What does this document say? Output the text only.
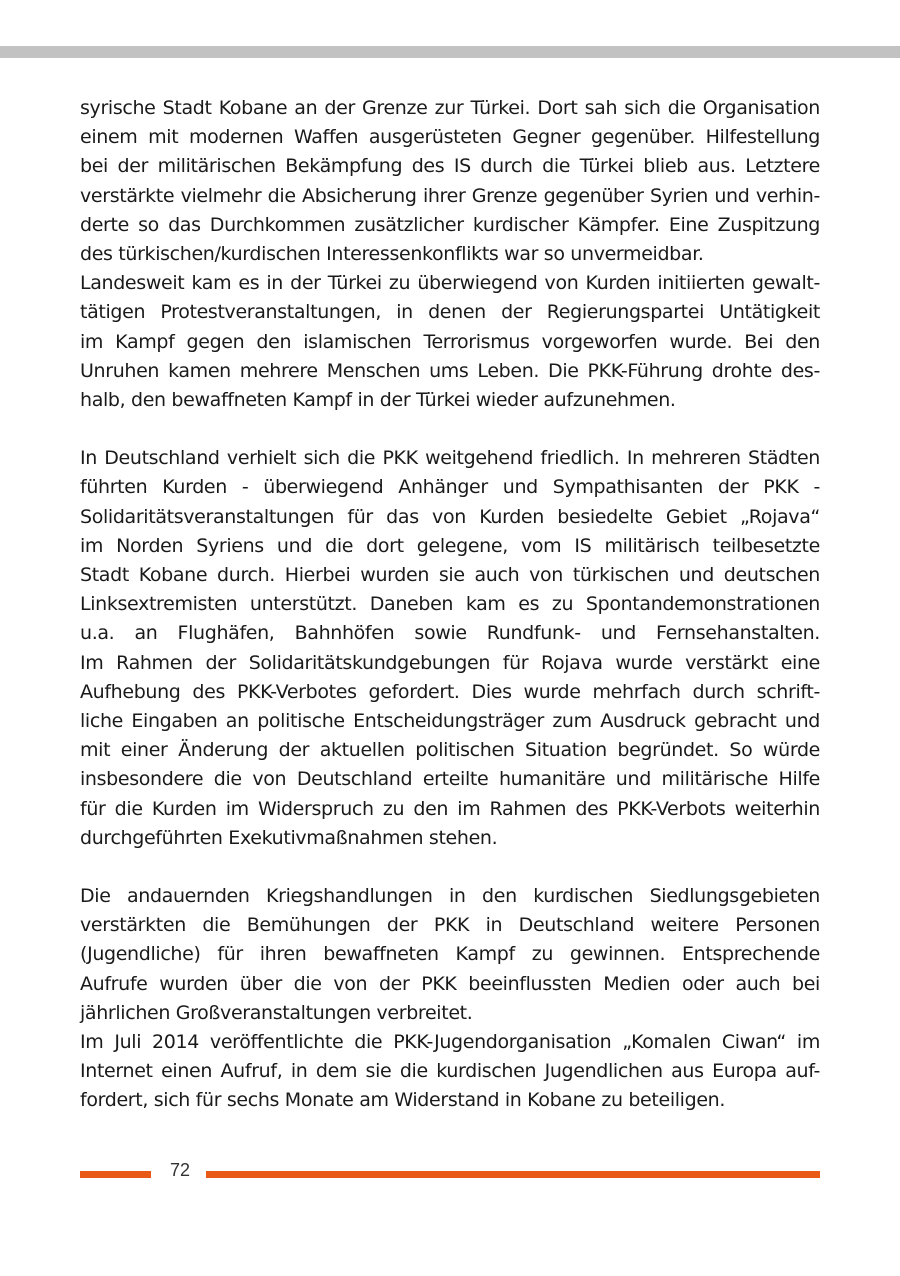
syrische Stadt Kobane an der Grenze zur Türkei. Dort sah sich die Organisation
einem mit modernen Waffen ausgerüsteten Gegner gegenüber. Hilfestellung
bei der militärischen Bekämpfung des IS durch die Türkei blieb aus. Letztere
verstärkte vielmehr die Absicherung ihrer Grenze gegenüber Syrien und verhin-
derte so das Durchkommen zusätzlicher kurdischer Kämpfer. Eine Zuspitzung
des türkischen/kurdischen Interessenkonflikts war so unvermeidbar.
Landesweit kam es in der Türkei zu überwiegend von Kurden initiierten gewalt-
tätigen Protestveranstaltungen, in denen der Regierungspartei Untätigkeit
im Kampf gegen den islamischen Terrorismus vorgeworfen wurde. Bei den
Unruhen kamen mehrere Menschen ums Leben. Die PKK-Führung drohte des-
halb, den bewaffneten Kampf in der Türkei wieder aufzunehmen.
In Deutschland verhielt sich die PKK weitgehend friedlich. In mehreren Städten
führten Kurden - überwiegend Anhänger und Sympathisanten der PKK -
Solidaritätsveranstaltungen für das von Kurden besiedelte Gebiet „Rojava“
im Norden Syriens und die dort gelegene, vom IS militärisch teilbesetzte
Stadt Kobane durch. Hierbei wurden sie auch von türkischen und deutschen
Linksextremisten unterstützt. Daneben kam es zu Spontandemonstrationen
u.a. an Flughäfen, Bahnhöfen sowie Rundfunk- und Fernsehanstalten.
Im Rahmen der Solidaritätskundgebungen für Rojava wurde verstärkt eine
Aufhebung des PKK-Verbotes gefordert. Dies wurde mehrfach durch schrift-
liche Eingaben an politische Entscheidungsträger zum Ausdruck gebracht und
mit einer Änderung der aktuellen politischen Situation begründet. So würde
insbesondere die von Deutschland erteilte humanitäre und militärische Hilfe
für die Kurden im Widerspruch zu den im Rahmen des PKK-Verbots weiterhin
durchgeführten Exekutivmaßnahmen stehen.
Die andauernden Kriegshandlungen in den kurdischen Siedlungsgebieten
verstärkten die Bemühungen der PKK in Deutschland weitere Personen
(Jugendliche) für ihren bewaffneten Kampf zu gewinnen. Entsprechende
Aufrufe wurden über die von der PKK beeinflussten Medien oder auch bei
jährlichen Großveranstaltungen verbreitet.
Im Juli 2014 veröffentlichte die PKK-Jugendorganisation „Komalen Ciwan“ im
Internet einen Aufruf, in dem sie die kurdischen Jugendlichen aus Europa auf-
fordert, sich für sechs Monate am Widerstand in Kobane zu beteiligen.
72
